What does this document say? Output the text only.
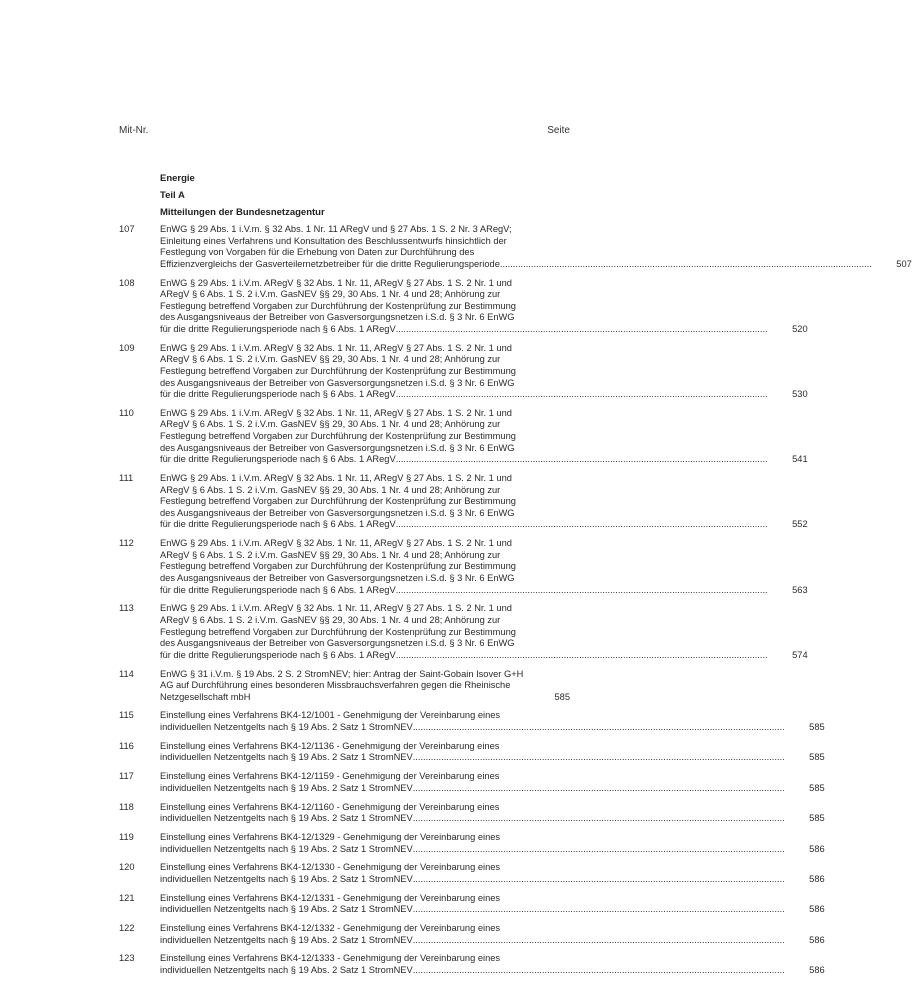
Mit-Nr.	Seite
Energie
Teil A
Mitteilungen der Bundesnetzagentur
107	EnWG § 29 Abs. 1 i.V.m. § 32 Abs. 1 Nr. 11 ARegV und § 27 Abs. 1 S. 2 Nr. 3 ARegV;
Einleitung eines Verfahrens und Konsultation des Beschlussentwurfs hinsichtlich der
Festlegung von Vorgaben für die Erhebung von Daten zur Durchführung des
Effizienzvergleichs der Gasverteilernetzbetreiber für die dritte Regulierungsperiode .....	507
108	EnWG § 29 Abs. 1 i.V.m. ARegV § 32 Abs. 1 Nr. 11, ARegV § 27 Abs. 1 S. 2 Nr. 1 und
ARegV § 6 Abs. 1 S. 2 i.V.m. GasNEV §§ 29, 30 Abs. 1 Nr. 4 und 28; Anhörung zur
Festlegung betreffend Vorgaben zur Durchführung der Kostenprüfung zur Bestimmung
des Ausgangsniveaus der Betreiber von Gasversorgungsnetzen i.S.d. § 3 Nr. 6 EnWG
für die dritte Regulierungsperiode nach § 6 Abs. 1 ARegV .....	520
109	EnWG § 29 Abs. 1 i.V.m. ARegV § 32 Abs. 1 Nr. 11, ARegV § 27 Abs. 1 S. 2 Nr. 1 und
ARegV § 6 Abs. 1 S. 2 i.V.m. GasNEV §§ 29, 30 Abs. 1 Nr. 4 und 28; Anhörung zur
Festlegung betreffend Vorgaben zur Durchführung der Kostenprüfung zur Bestimmung
des Ausgangsniveaus der Betreiber von Gasversorgungsnetzen i.S.d. § 3 Nr. 6 EnWG
für die dritte Regulierungsperiode nach § 6 Abs. 1 ARegV .....	530
110	EnWG § 29 Abs. 1 i.V.m. ARegV § 32 Abs. 1 Nr. 11, ARegV § 27 Abs. 1 S. 2 Nr. 1 und
ARegV § 6 Abs. 1 S. 2 i.V.m. GasNEV §§ 29, 30 Abs. 1 Nr. 4 und 28; Anhörung zur
Festlegung betreffend Vorgaben zur Durchführung der Kostenprüfung zur Bestimmung
des Ausgangsniveaus der Betreiber von Gasversorgungsnetzen i.S.d. § 3 Nr. 6 EnWG
für die dritte Regulierungsperiode nach § 6 Abs. 1 ARegV .....	541
111	EnWG § 29 Abs. 1 i.V.m. ARegV § 32 Abs. 1 Nr. 11, ARegV § 27 Abs. 1 S. 2 Nr. 1 und
ARegV § 6 Abs. 1 S. 2 i.V.m. GasNEV §§ 29, 30 Abs. 1 Nr. 4 und 28; Anhörung zur
Festlegung betreffend Vorgaben zur Durchführung der Kostenprüfung zur Bestimmung
des Ausgangsniveaus der Betreiber von Gasversorgungsnetzen i.S.d. § 3 Nr. 6 EnWG
für die dritte Regulierungsperiode nach § 6 Abs. 1 ARegV .....	552
112	EnWG § 29 Abs. 1 i.V.m. ARegV § 32 Abs. 1 Nr. 11, ARegV § 27 Abs. 1 S. 2 Nr. 1 und
ARegV § 6 Abs. 1 S. 2 i.V.m. GasNEV §§ 29, 30 Abs. 1 Nr. 4 und 28; Anhörung zur
Festlegung betreffend Vorgaben zur Durchführung der Kostenprüfung zur Bestimmung
des Ausgangsniveaus der Betreiber von Gasversorgungsnetzen i.S.d. § 3 Nr. 6 EnWG
für die dritte Regulierungsperiode nach § 6 Abs. 1 ARegV .....	563
113	EnWG § 29 Abs. 1 i.V.m. ARegV § 32 Abs. 1 Nr. 11, ARegV § 27 Abs. 1 S. 2 Nr. 1 und
ARegV § 6 Abs. 1 S. 2 i.V.m. GasNEV §§ 29, 30 Abs. 1 Nr. 4 und 28; Anhörung zur
Festlegung betreffend Vorgaben zur Durchführung der Kostenprüfung zur Bestimmung
des Ausgangsniveaus der Betreiber von Gasversorgungsnetzen i.S.d. § 3 Nr. 6 EnWG
für die dritte Regulierungsperiode nach § 6 Abs. 1 ARegV .....	574
114	EnWG § 31 i.V.m. § 19 Abs. 2 S. 2 StromNEV; hier: Antrag der Saint-Gobain Isover G+H
AG auf Durchführung eines besonderen Missbrauchsverfahren gegen die Rheinische
Netzgesellschaft mbH	585
115	Einstellung eines Verfahrens BK4-12/1001 - Genehmigung der Vereinbarung eines
individuellen Netzentgelts nach § 19 Abs. 2 Satz 1 StromNEV .....	585
116	Einstellung eines Verfahrens BK4-12/1136 - Genehmigung der Vereinbarung eines
individuellen Netzentgelts nach § 19 Abs. 2 Satz 1 StromNEV .....	585
117	Einstellung eines Verfahrens BK4-12/1159 - Genehmigung der Vereinbarung eines
individuellen Netzentgelts nach § 19 Abs. 2 Satz 1 StromNEV .....	585
118	Einstellung eines Verfahrens BK4-12/1160 - Genehmigung der Vereinbarung eines
individuellen Netzentgelts nach § 19 Abs. 2 Satz 1 StromNEV .....	585
119	Einstellung eines Verfahrens BK4-12/1329 - Genehmigung der Vereinbarung eines
individuellen Netzentgelts nach § 19 Abs. 2 Satz 1 StromNEV .....	586
120	Einstellung eines Verfahrens BK4-12/1330 - Genehmigung der Vereinbarung eines
individuellen Netzentgelts nach § 19 Abs. 2 Satz 1 StromNEV .....	586
121	Einstellung eines Verfahrens BK4-12/1331 - Genehmigung der Vereinbarung eines
individuellen Netzentgelts nach § 19 Abs. 2 Satz 1 StromNEV .....	586
122	Einstellung eines Verfahrens BK4-12/1332 - Genehmigung der Vereinbarung eines
individuellen Netzentgelts nach § 19 Abs. 2 Satz 1 StromNEV .....	586
123	Einstellung eines Verfahrens BK4-12/1333 - Genehmigung der Vereinbarung eines
individuellen Netzentgelts nach § 19 Abs. 2 Satz 1 StromNEV .....	586
